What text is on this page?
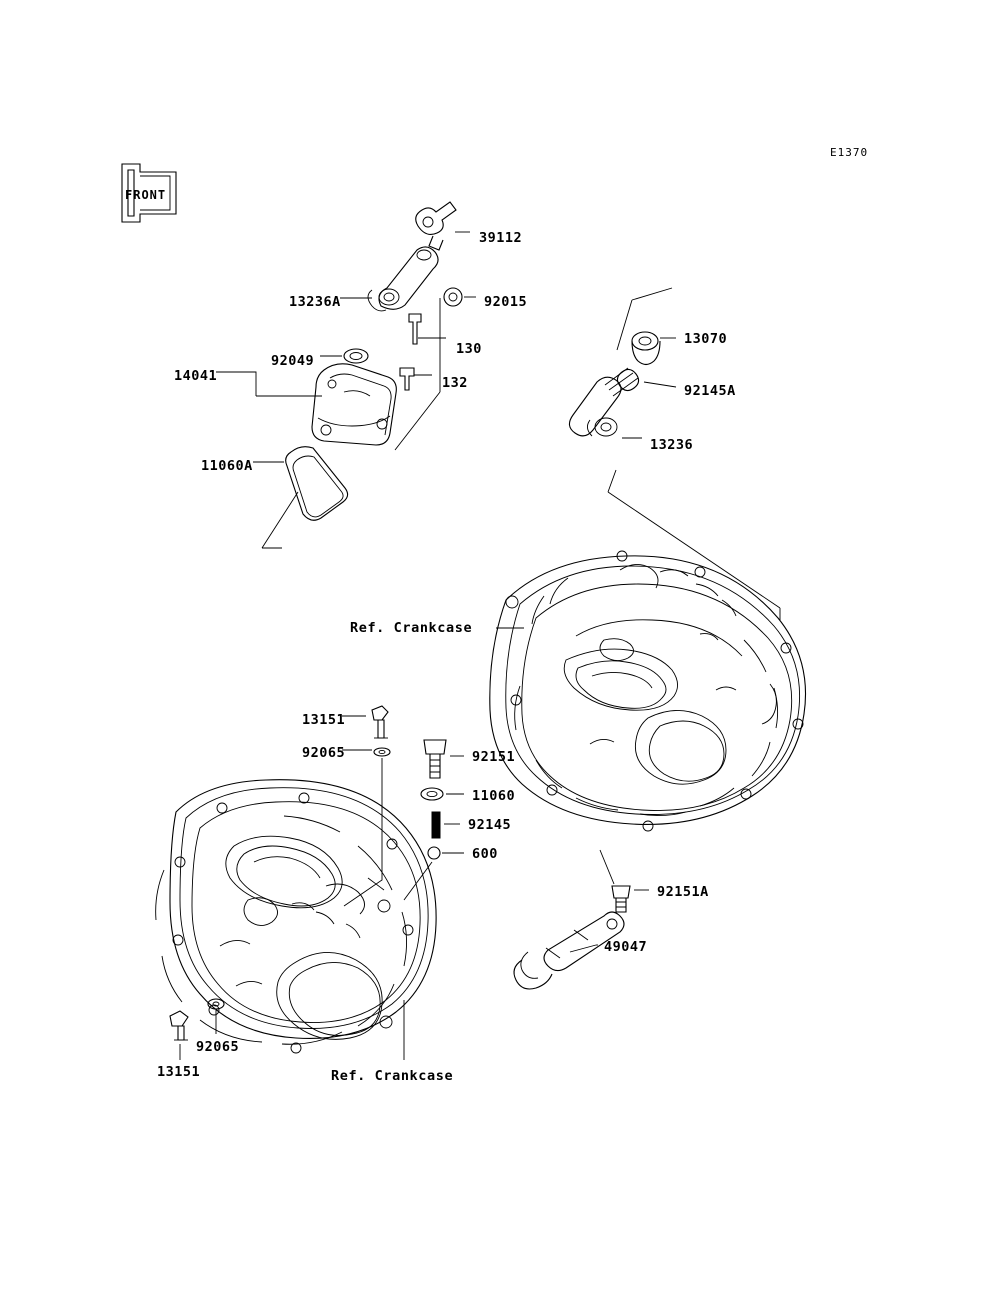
E1370
39112
13236A	92015
130
92049
14041	132
11060A
13070
92145A
13236
Ref. Crankcase
13151
92065	92151
11060
92145
600
92151A
49047
92065
13151	Ref. Crankcase
FRONT
